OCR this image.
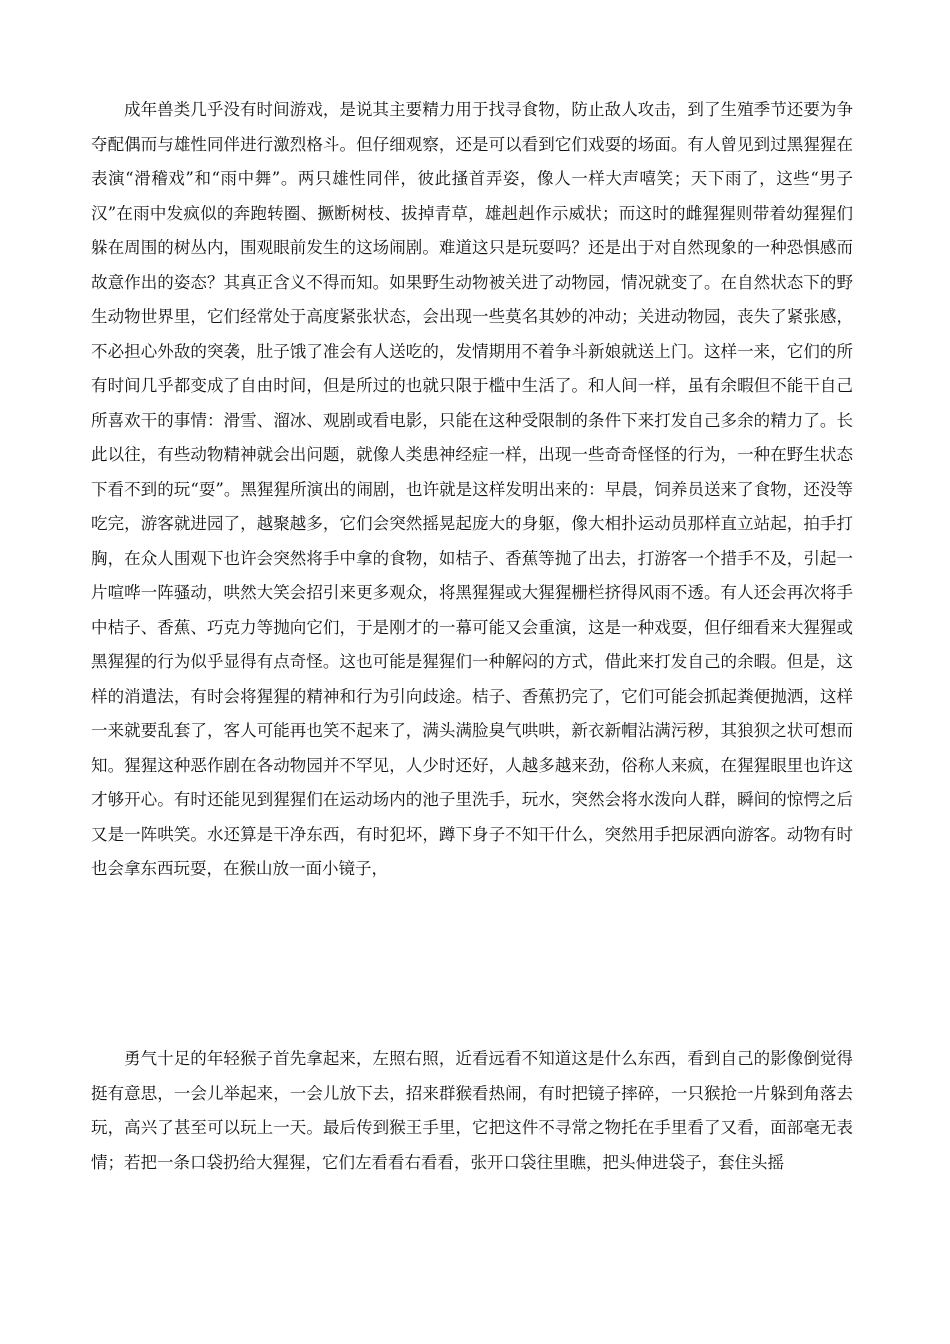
成年兽类几乎没有时间游戏，是说其主要精力用于找寻食物，防止敌人攻击，到了生殖季节还要为争夺配偶而与雄性同伴进行激烈格斗。但仔细观察，还是可以看到它们戏耍的场面。有人曾见到过黑猩猩在表演“滑稽戏”和“雨中舞”。两只雄性同伴，彼此搔首弄姿，像人一样大声嘻笑；天下雨了，这些“男子汉”在雨中发疯似的奔跑转圈、撅断树枝、拔掉青草，雄赳赳作示威状；而这时的雌猩猩则带着幼猩猩们躲在周围的树丛内，围观眼前发生的这场闹剧。难道这只是玩耍吗？还是出于对自然现象的一种恐惧感而故意作出的姿态？其真正含义不得而知。如果野生动物被关进了动物园，情况就变了。在自然状态下的野生动物世界里，它们经常处于高度紧张状态，会出现一些莫名其妙的冲动；关进动物园，丧失了紧张感，不必担心外敌的突袭，肚子饿了准会有人送吃的，发情期用不着争斗新娘就送上门。这样一来，它们的所有时间几乎都变成了自由时间，但是所过的也就只限于槛中生活了。和人间一样，虽有余暇但不能干自己所喜欢干的事情：滑雪、溜冰、观剧或看电影，只能在这种受限制的条件下来打发自己多余的精力了。长此以往，有些动物精神就会出问题，就像人类患神经症一样，出现一些奇奇怪怪的行为，一种在野生状态下看不到的玩“耍”。黑猩猩所演出的闹剧，也许就是这样发明出来的：早晨，饲养员送来了食物，还没等吃完，游客就进园了，越聚越多，它们会突然摇晃起庞大的身躯，像大相扑运动员那样直立站起，拍手打胸，在众人围观下也许会突然将手中拿的食物，如桔子、香蕉等抛了出去，打游客一个措手不及，引起一片喧哗一阵骚动，哄然大笑会招引来更多观众，将黑猩猩或大猩猩栅栏挤得风雨不透。有人还会再次将手中桔子、香蕉、巧克力等抛向它们，于是刚才的一幕可能又会重演，这是一种戏耍，但仔细看来大猩猩或黑猩猩的行为似乎显得有点奇怪。这也可能是猩猩们一种解闷的方式，借此来打发自己的余暇。但是，这样的消遣法，有时会将猩猩的精神和行为引向歧途。桔子、香蕉扔完了，它们可能会抓起粪便抛洒，这样一来就要乱套了，客人可能再也笑不起来了，满头满脸臭气哄哄，新衣新帽沾满污秽，其狼狈之状可想而知。猩猩这种恶作剧在各动物园并不罕见，人少时还好，人越多越来劲，俗称人来疯，在猩猩眼里也许这才够开心。有时还能见到猩猩们在运动场内的池子里洗手，玩水，突然会将水泼向人群，瞬间的惊愕之后又是一阵哄笑。水还算是干净东西，有时犯坏，蹲下身子不知干什么，突然用手把尿洒向游客。动物有时也会拿东西玩耍，在猴山放一面小镜子，

勇气十足的年轻猴子首先拿起来，左照右照，近看远看不知道这是什么东西，看到自己的影像倒觉得挺有意思，一会儿举起来，一会儿放下去，招来群猴看热闹，有时把镜子摔碎，一只猴抢一片躲到角落去玩，高兴了甚至可以玩上一天。最后传到猴王手里，它把这件不寻常之物托在手里看了又看，面部毫无表情；若把一条口袋扔给大猩猩，它们左看看右看看，张开口袋往里瞧，把头伸进袋子，套住头摇
